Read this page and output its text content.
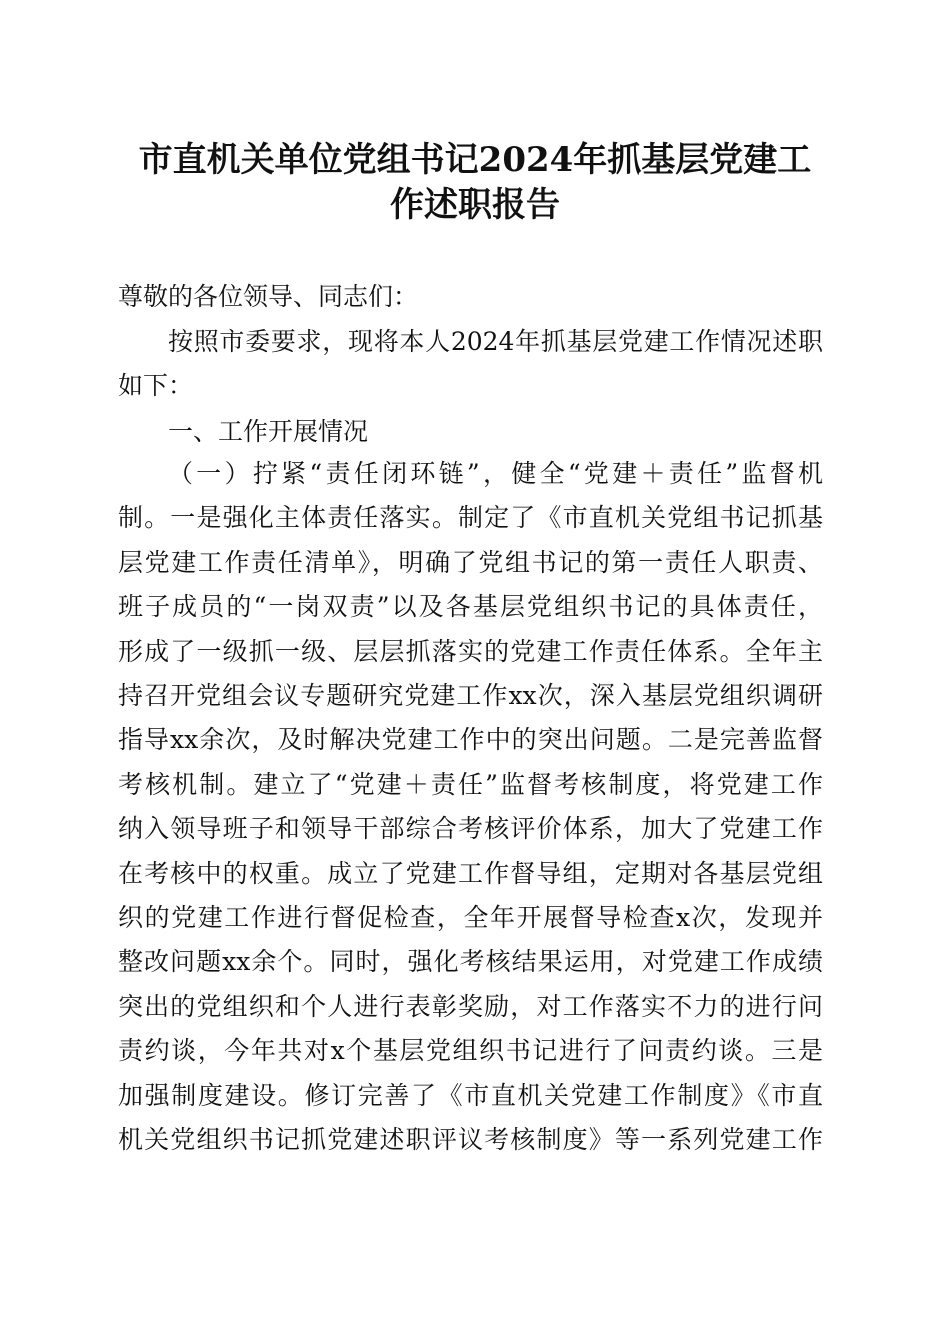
市直机关单位党组书记2024年抓基层党建工
作述职报告
尊敬的各位领导、同志们：
按照市委要求，现将本人2024年抓基层党建工作情况述职
如下：
一、工作开展情况
（一）拧紧“责任闭环链”，健全“党建＋责任”监督机
制。一是强化主体责任落实。制定了《市直机关党组书记抓基
层党建工作责任清单》，明确了党组书记的第一责任人职责、
班子成员的“一岗双责”以及各基层党组织书记的具体责任，
形成了一级抓一级、层层抓落实的党建工作责任体系。全年主
持召开党组会议专题研究党建工作xx次，深入基层党组织调研
指导xx余次，及时解决党建工作中的突出问题。二是完善监督
考核机制。建立了“党建＋责任”监督考核制度，将党建工作
纳入领导班子和领导干部综合考核评价体系，加大了党建工作
在考核中的权重。成立了党建工作督导组，定期对各基层党组
织的党建工作进行督促检查，全年开展督导检查x次，发现并
整改问题xx余个。同时，强化考核结果运用，对党建工作成绩
突出的党组织和个人进行表彰奖励，对工作落实不力的进行问
责约谈，今年共对x个基层党组织书记进行了问责约谈。三是
加强制度建设。修订完善了《市直机关党建工作制度》《市直
机关党组织书记抓党建述职评议考核制度》等一系列党建工作
